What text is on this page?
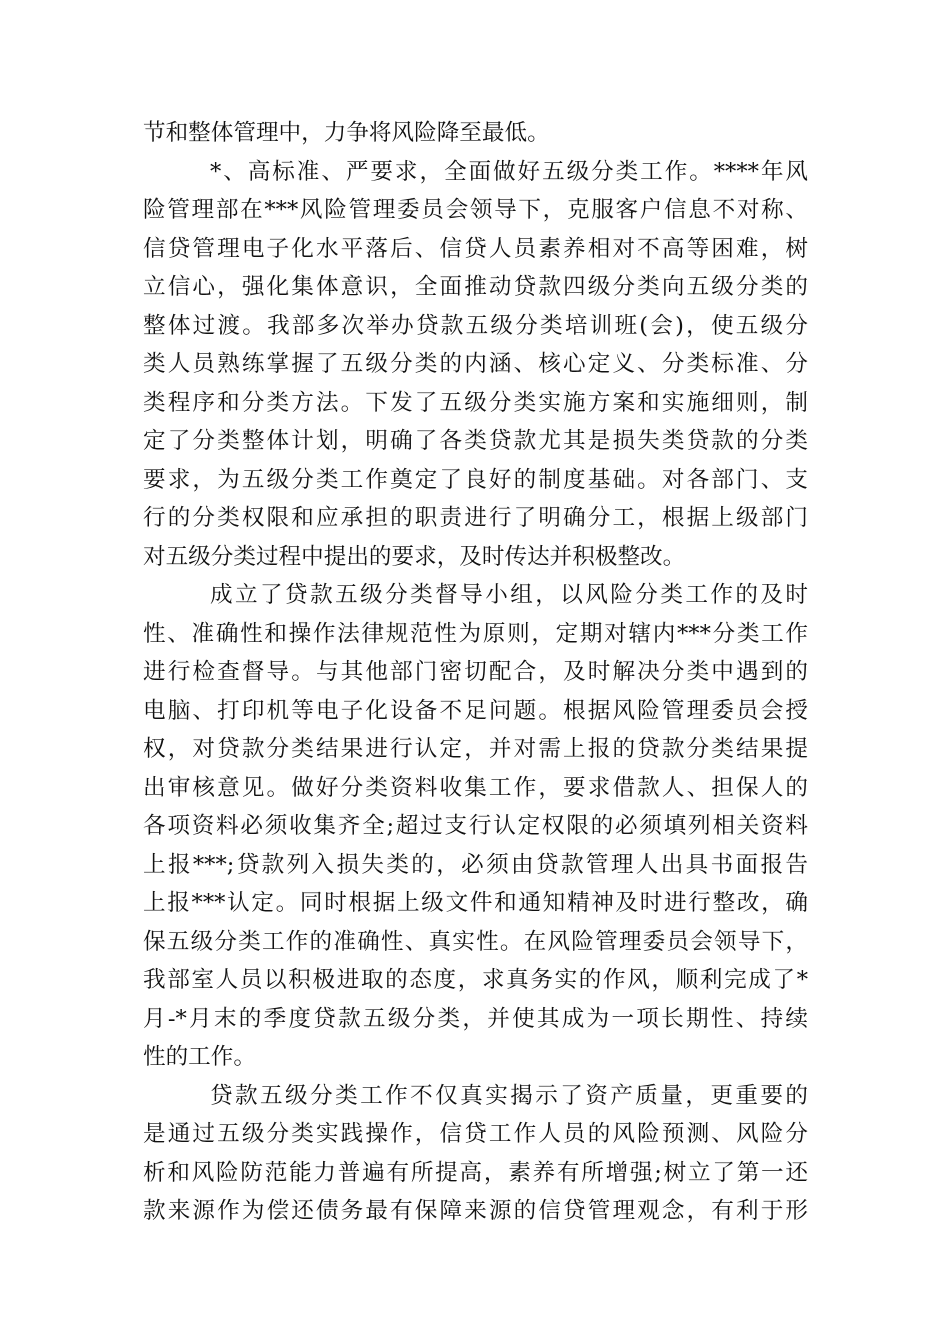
节和整体管理中，力争将风险降至最低。
*、高标准、严要求，全面做好五级分类工作。****年风
险管理部在***风险管理委员会领导下，克服客户信息不对称、
信贷管理电子化水平落后、信贷人员素养相对不高等困难，树
立信心，强化集体意识，全面推动贷款四级分类向五级分类的
整体过渡。我部多次举办贷款五级分类培训班(会)，使五级分
类人员熟练掌握了五级分类的内涵、核心定义、分类标准、分
类程序和分类方法。下发了五级分类实施方案和实施细则，制
定了分类整体计划，明确了各类贷款尤其是损失类贷款的分类
要求，为五级分类工作奠定了良好的制度基础。对各部门、支
行的分类权限和应承担的职责进行了明确分工，根据上级部门
对五级分类过程中提出的要求，及时传达并积极整改。
成立了贷款五级分类督导小组，以风险分类工作的及时
性、准确性和操作法律规范性为原则，定期对辖内***分类工作
进行检查督导。与其他部门密切配合，及时解决分类中遇到的
电脑、打印机等电子化设备不足问题。根据风险管理委员会授
权，对贷款分类结果进行认定，并对需上报的贷款分类结果提
出审核意见。做好分类资料收集工作，要求借款人、担保人的
各项资料必须收集齐全;超过支行认定权限的必须填列相关资料
上报***;贷款列入损失类的，必须由贷款管理人出具书面报告
上报***认定。同时根据上级文件和通知精神及时进行整改，确
保五级分类工作的准确性、真实性。在风险管理委员会领导下，
我部室人员以积极进取的态度，求真务实的作风，顺利完成了*
月-*月末的季度贷款五级分类，并使其成为一项长期性、持续
性的工作。
贷款五级分类工作不仅真实揭示了资产质量，更重要的
是通过五级分类实践操作，信贷工作人员的风险预测、风险分
析和风险防范能力普遍有所提高，素养有所增强;树立了第一还
款来源作为偿还债务最有保障来源的信贷管理观念，有利于形
